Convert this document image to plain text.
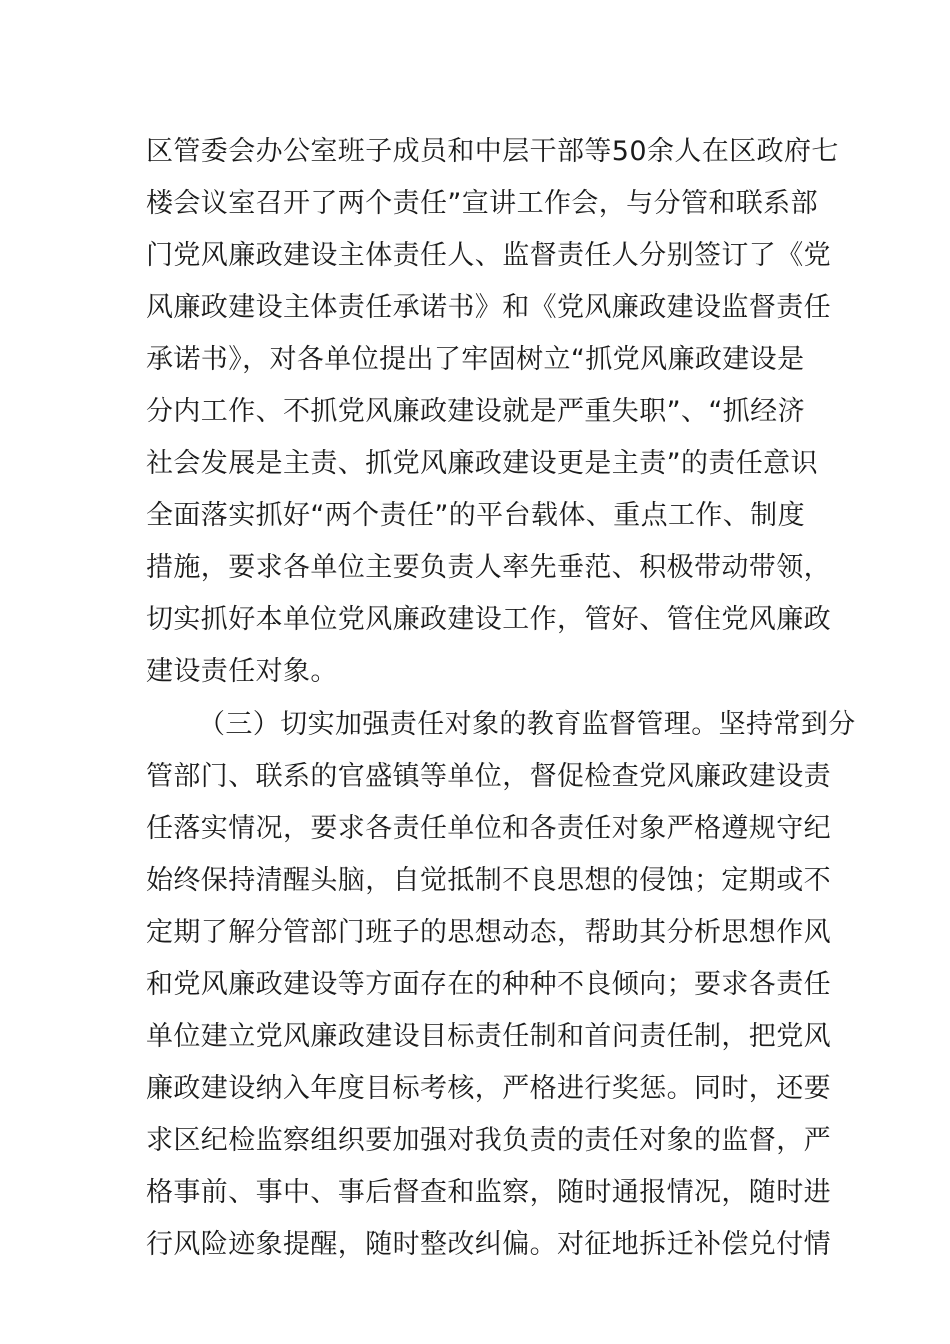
区管委会办公室班子成员和中层干部等50余人在区政府七
楼会议室召开了两个责任”宣讲工作会，与分管和联系部
门党风廉政建设主体责任人、监督责任人分别签订了《党
风廉政建设主体责任承诺书》和《党风廉政建设监督责任
承诺书》，对各单位提出了牢固树立“抓党风廉政建设是
分内工作、不抓党风廉政建设就是严重失职”、“抓经济
社会发展是主责、抓党风廉政建设更是主责”的责任意识
全面落实抓好“两个责任”的平台载体、重点工作、制度
措施，要求各单位主要负责人率先垂范、积极带动带领，
切实抓好本单位党风廉政建设工作，管好、管住党风廉政
建设责任对象。
（三）切实加强责任对象的教育监督管理。坚持常到分
管部门、联系的官盛镇等单位，督促检查党风廉政建设责
任落实情况，要求各责任单位和各责任对象严格遵规守纪
始终保持清醒头脑，自觉抵制不良思想的侵蚀；定期或不
定期了解分管部门班子的思想动态，帮助其分析思想作风
和党风廉政建设等方面存在的种种不良倾向；要求各责任
单位建立党风廉政建设目标责任制和首问责任制，把党风
廉政建设纳入年度目标考核，严格进行奖惩。同时，还要
求区纪检监察组织要加强对我负责的责任对象的监督，严
格事前、事中、事后督查和监察，随时通报情况，随时进
行风险迹象提醒，随时整改纠偏。对征地拆迁补偿兑付情
